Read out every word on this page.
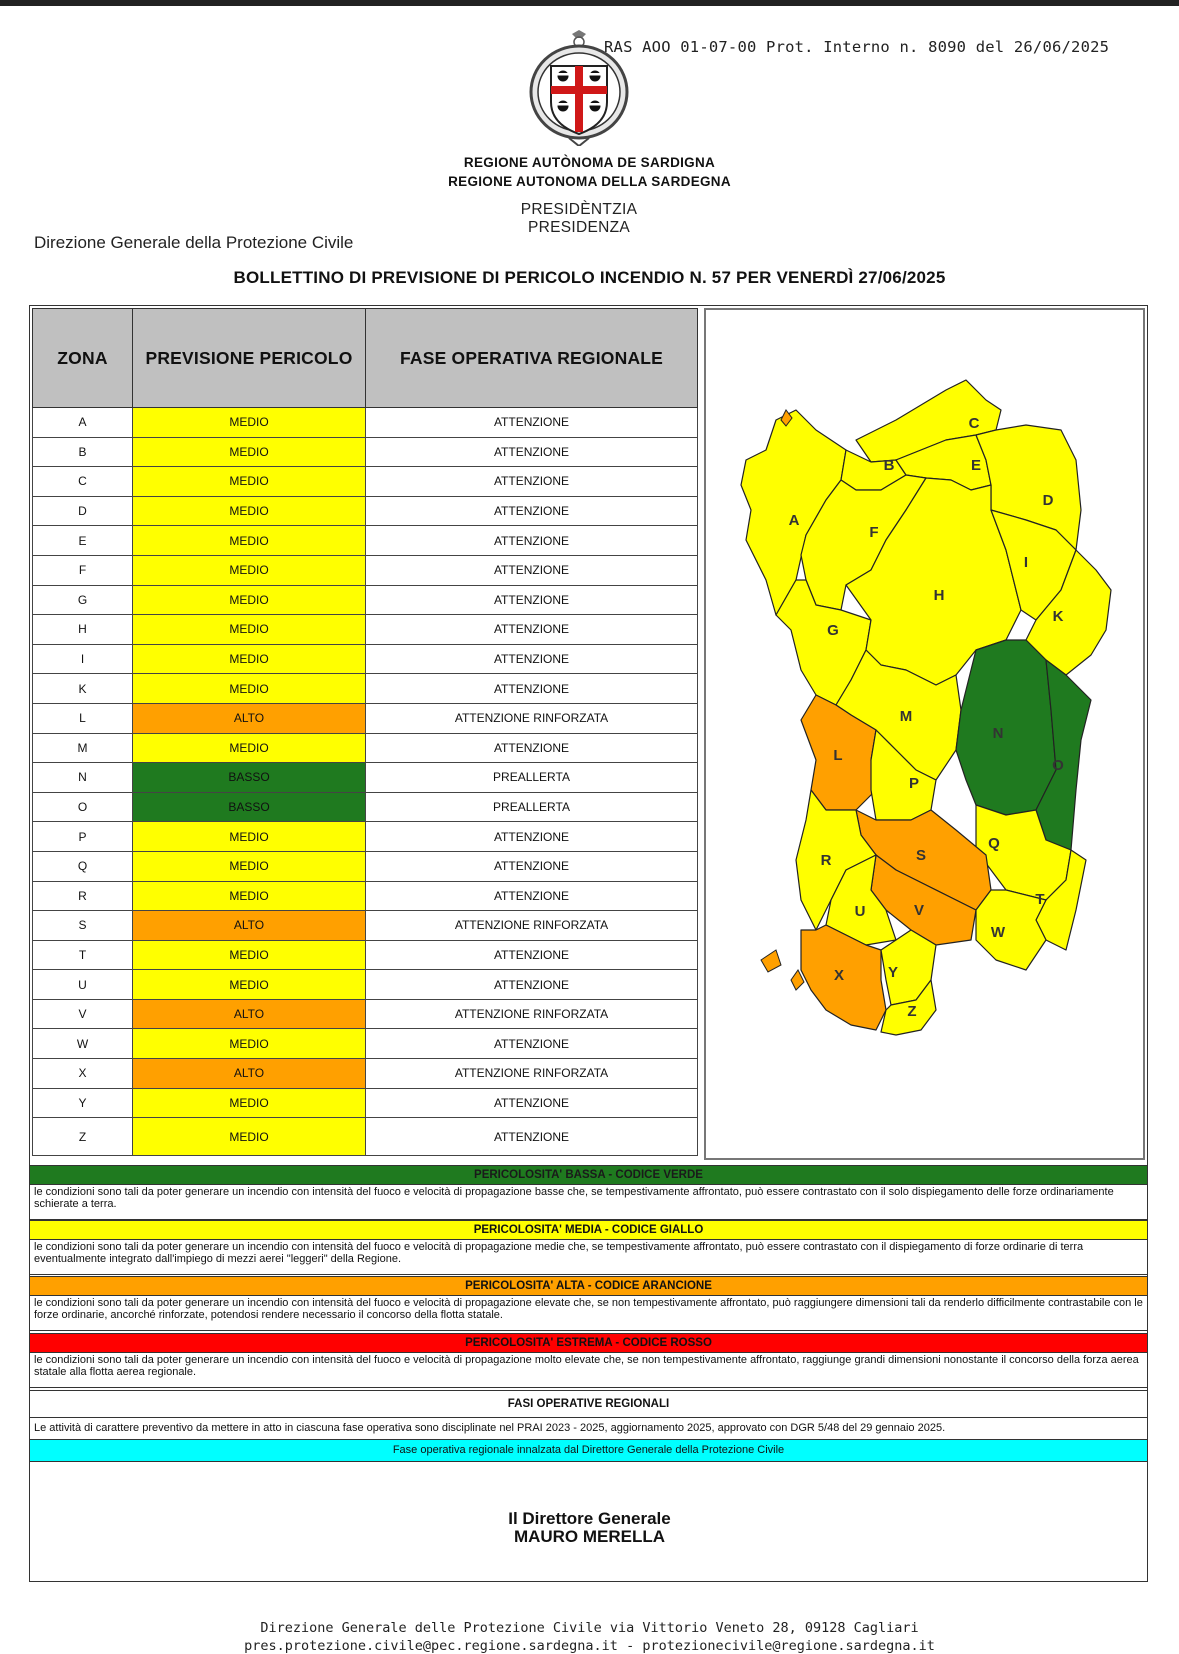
RAS AOO 01-07-00 Prot. Interno n. 8090 del 26/06/2025
REGIONE AUTÒNOMA DE SARDIGNA
REGIONE AUTONOMA DELLA SARDEGNA
PRESIDÈNTZIA
PRESIDENZA
Direzione Generale della Protezione Civile
BOLLETTINO DI PREVISIONE DI PERICOLO INCENDIO N. 57 PER VENERDÌ 27/06/2025
ZONA	PREVISIONE PERICOLO	FASE OPERATIVA REGIONALE
A	MEDIO	ATTENZIONE
B	MEDIO	ATTENZIONE
C	MEDIO	ATTENZIONE
D	MEDIO	ATTENZIONE
E	MEDIO	ATTENZIONE
F	MEDIO	ATTENZIONE
G	MEDIO	ATTENZIONE
H	MEDIO	ATTENZIONE
I	MEDIO	ATTENZIONE
K	MEDIO	ATTENZIONE
L	ALTO	ATTENZIONE RINFORZATA
M	MEDIO	ATTENZIONE
N	BASSO	PREALLERTA
O	BASSO	PREALLERTA
P	MEDIO	ATTENZIONE
Q	MEDIO	ATTENZIONE
R	MEDIO	ATTENZIONE
S	ALTO	ATTENZIONE RINFORZATA
T	MEDIO	ATTENZIONE
U	MEDIO	ATTENZIONE
V	ALTO	ATTENZIONE RINFORZATA
W	MEDIO	ATTENZIONE
X	ALTO	ATTENZIONE RINFORZATA
Y	MEDIO	ATTENZIONE
Z	MEDIO	ATTENZIONE
A
B
C
D
E
F
G
H
I
K
L
M
N
O
P
Q
R	S
T
U	V
W
X	Y
Z
PERICOLOSITA' BASSA - CODICE VERDE
le condizioni sono tali da poter generare un incendio con intensità del fuoco e velocità di propagazione basse che, se tempestivamente affrontato, può essere contrastato con il solo dispiegamento delle forze ordinariamente schierate a terra.
PERICOLOSITA' MEDIA - CODICE GIALLO
le condizioni sono tali da poter generare un incendio con intensità del fuoco e velocità di propagazione medie che, se tempestivamente affrontato, può essere contrastato con il dispiegamento di forze ordinarie di terra eventualmente integrato dall'impiego di mezzi aerei "leggeri" della Regione.
PERICOLOSITA' ALTA - CODICE ARANCIONE
le condizioni sono tali da poter generare un incendio con intensità del fuoco e velocità di propagazione elevate che, se non tempestivamente affrontato, può raggiungere dimensioni tali da renderlo difficilmente contrastabile con le forze ordinarie, ancorché rinforzate, potendosi rendere necessario il concorso della flotta statale.
PERICOLOSITA' ESTREMA - CODICE ROSSO
le condizioni sono tali da poter generare un incendio con intensità del fuoco e velocità di propagazione molto elevate che, se non tempestivamente affrontato, raggiunge grandi dimensioni nonostante il concorso della forza aerea statale alla flotta aerea regionale.
FASI OPERATIVE REGIONALI
Le attività di carattere preventivo da mettere in atto in ciascuna fase operativa sono disciplinate nel PRAI 2023 - 2025, aggiornamento 2025, approvato con DGR 5/48 del 29 gennaio 2025.
Fase operativa regionale innalzata dal Direttore Generale della Protezione Civile
Il Direttore Generale
MAURO MERELLA
Direzione Generale delle Protezione Civile via Vittorio Veneto 28, 09128 Cagliari
pres.protezione.civile@pec.regione.sardegna.it - protezionecivile@regione.sardegna.it
